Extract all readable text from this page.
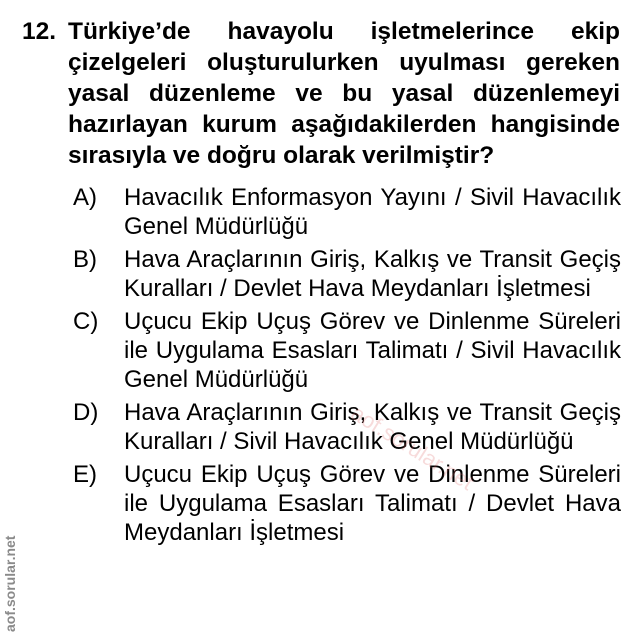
12. Türkiye’de havayolu işletmelerince ekip çizelgeleri oluşturulurken uyulması gereken yasal düzenleme ve bu yasal düzenlemeyi hazırlayan kurum aşağıdakilerden hangisinde sırasıyla ve doğru olarak verilmiştir?
A)	Havacılık Enformasyon Yayını / Sivil Havacılık Genel Müdürlüğü
B)	Hava Araçlarının Giriş, Kalkış ve Transit Geçiş Kuralları / Devlet Hava Meydanları İşletmesi
C)	Uçucu Ekip Uçuş Görev ve Dinlenme Süreleri ile Uygulama Esasları Talimatı / Sivil Havacılık Genel Müdürlüğü
D)	Hava Araçlarının Giriş, Kalkış ve Transit Geçiş Kuralları / Sivil Havacılık Genel Müdürlüğü
E)	Uçucu Ekip Uçuş Görev ve Dinlenme Süreleri ile Uygulama Esasları Talimatı / Devlet Hava Meydanları İşletmesi
aof.sorular.net
aof.sorular.net
